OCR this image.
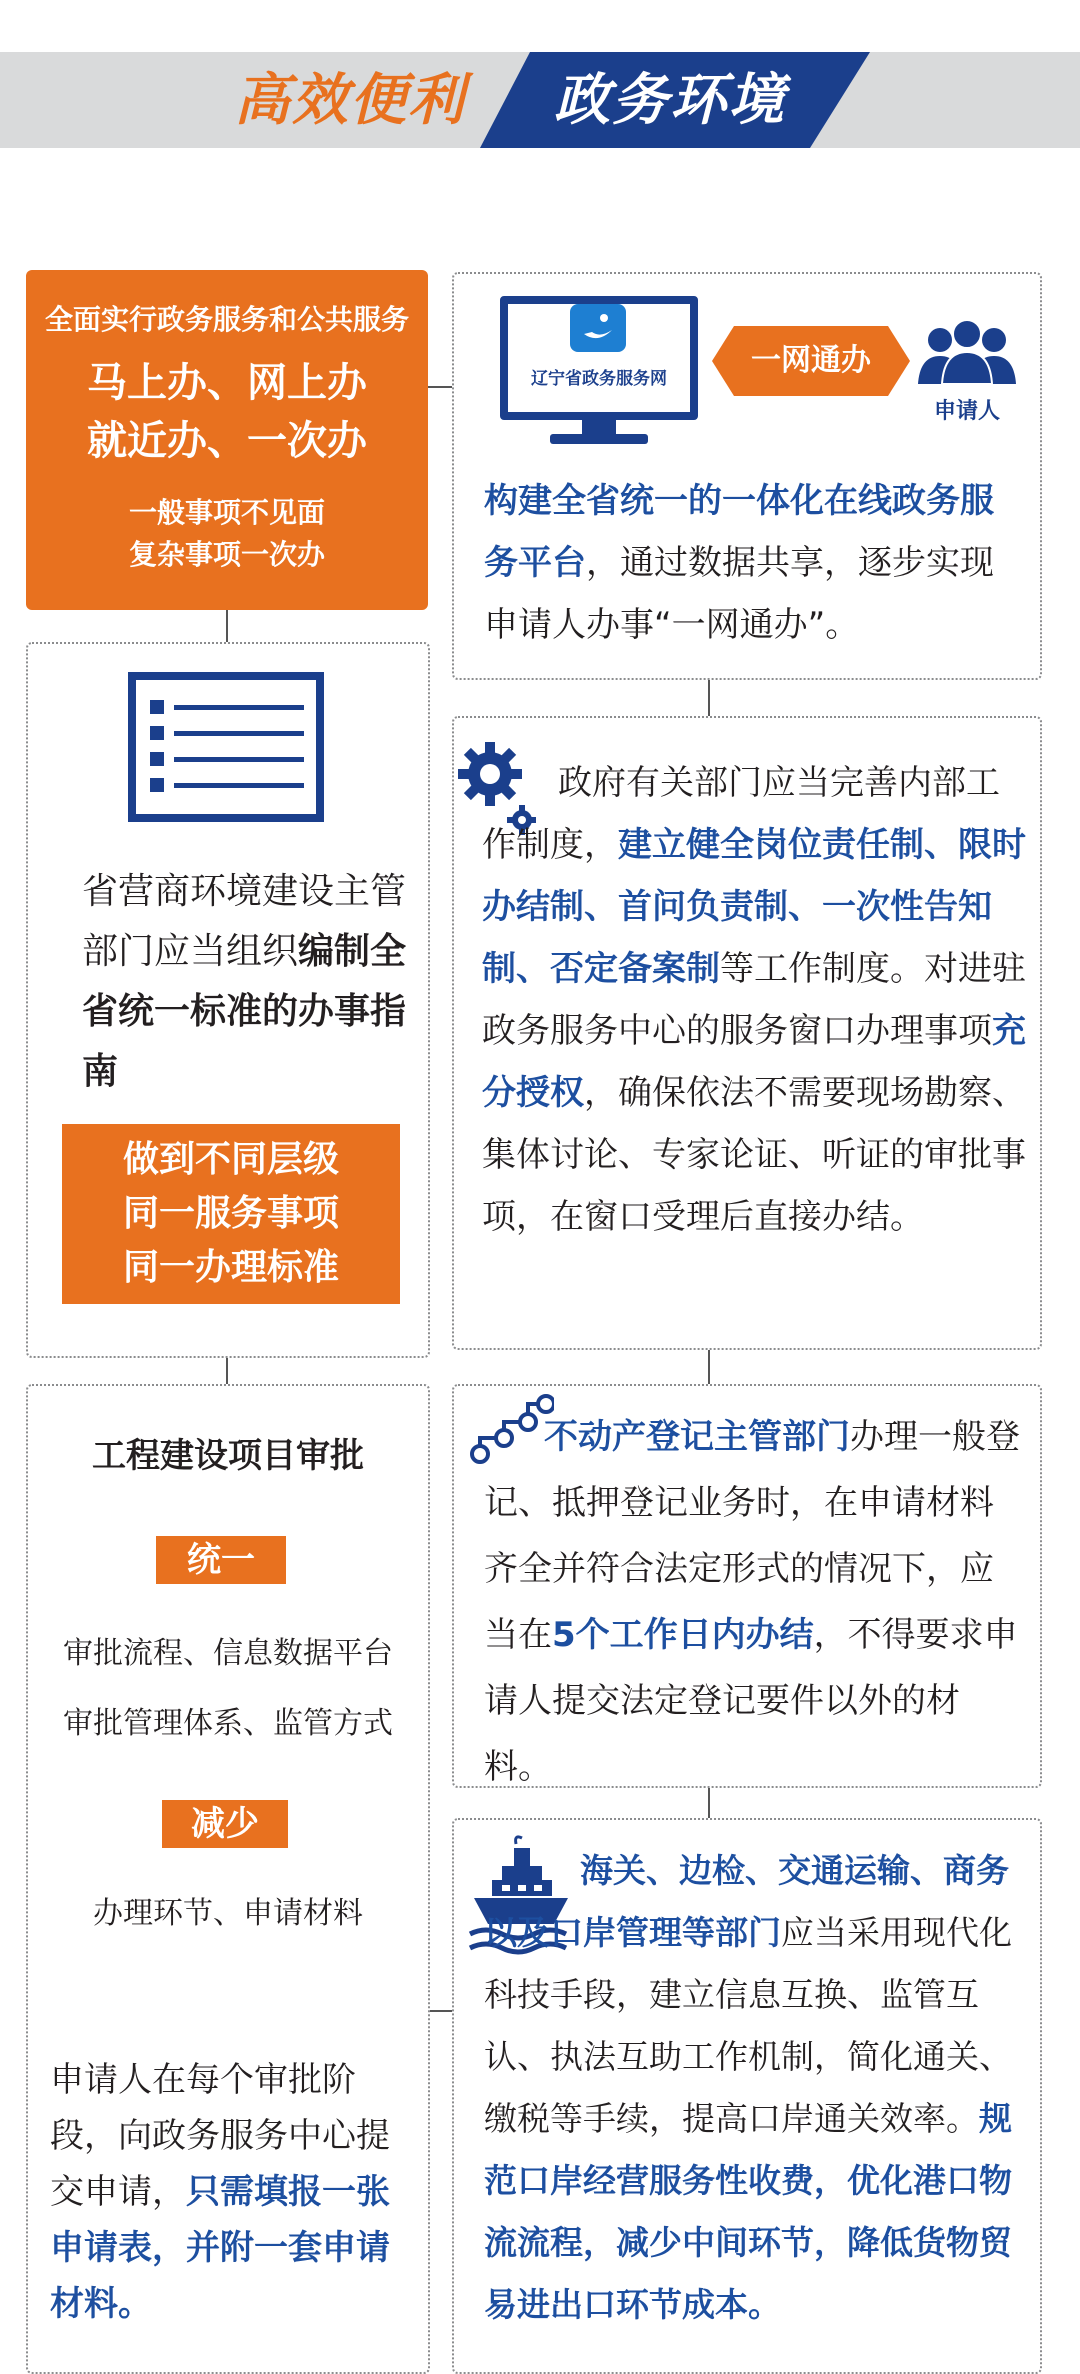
高效便利	政务环境
全面实行政务服务和公共服务
马上办、网上办
就近办、一次办
一般事项不见面
复杂事项一次办
省营商环境建设主管部门应当组织编制全省统一标准的办事指南
做到不同层级
同一服务事项
同一办理标准
工程建设项目审批
统一
审批流程、信息数据平台
审批管理体系、监管方式
减少
办理环节、申请材料
申请人在每个审批阶段，向政务服务中心提交申请，只需填报一张申请表，并附一套申请材料。
辽宁省政务服务网
一网通办
申请人
构建全省统一的一体化在线政务服务平台，通过数据共享，逐步实现申请人办事“一网通办”。
政府有关部门应当完善内部工作制度，建立健全岗位责任制、限时办结制、首问负责制、一次性告知制、否定备案制等工作制度。对进驻政务服务中心的服务窗口办理事项充分授权，确保依法不需要现场勘察、集体讨论、专家论证、听证的审批事项，在窗口受理后直接办结。
不动产登记主管部门办理一般登记、抵押登记业务时，在申请材料齐全并符合法定形式的情况下，应当在5个工作日内办结，不得要求申请人提交法定登记要件以外的材料。
海关、边检、交通运输、商务以及口岸管理等部门应当采用现代化科技手段，建立信息互换、监管互认、执法互助工作机制，简化通关、缴税等手续，提高口岸通关效率。规范口岸经营服务性收费，优化港口物流流程，减少中间环节，降低货物贸易进出口环节成本。
